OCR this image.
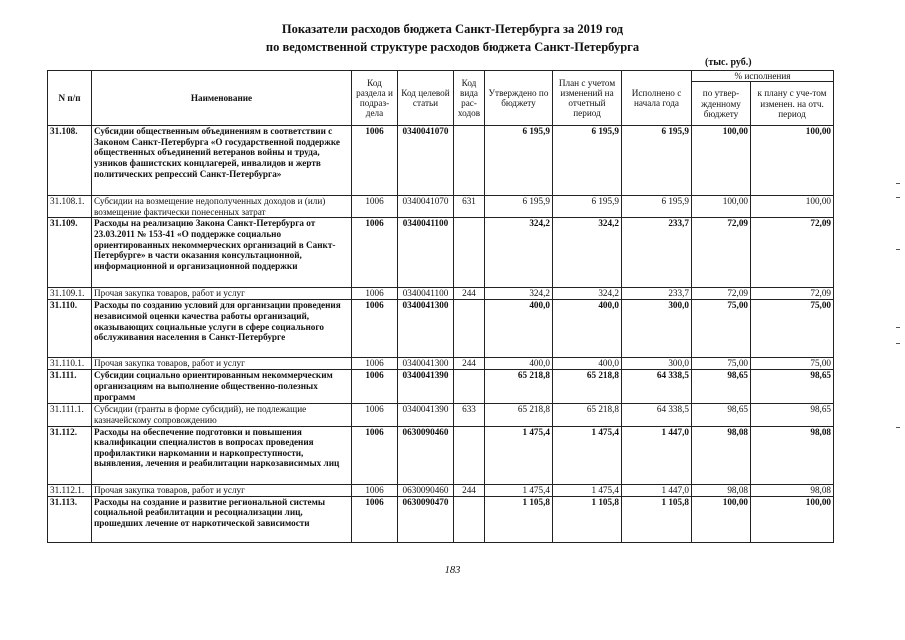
Показатели расходов бюджета Санкт-Петербурга за 2019 год
по ведомственной структуре расходов бюджета Санкт-Петербурга
(тыс. руб.)
N п/п	Наименование	Код раздела и подраз-дела	Код целевой статьи	Код вида рас-ходов	Утверждено по бюджету	План с учетом изменений на отчетный период	Исполнено с начала года	% исполнения	
								по утвер-жденному бюджету	к плану с уче-том изменен. на отч. период
31.108.	Субсидии общественным объединениям в соответствии с Законом Санкт-Петербурга «О государственной поддержке общественных объединений ветеранов войны и труда, узников фашистских концлагерей, инвалидов и жертв политических репрессий Санкт-Петербурга»	1006	0340041070		6 195,9	6 195,9	6 195,9	100,00	100,00
31.108.1.	Субсидии на возмещение недополученных доходов и (или) возмещение фактически понесенных затрат	1006	0340041070	631	6 195,9	6 195,9	6 195,9	100,00	100,00
31.109.	Расходы на реализацию Закона Санкт-Петербурга от 23.03.2011 № 153-41 «О поддержке социально ориентированных некоммерческих организаций в Санкт-Петербурге» в части оказания консультационной, информационной и организационной поддержки	1006	0340041100		324,2	324,2	233,7	72,09	72,09
31.109.1.	Прочая закупка товаров, работ и услуг	1006	0340041100	244	324,2	324,2	233,7	72,09	72,09
31.110.	Расходы по созданию условий для организации проведения независимой оценки качества работы организаций, оказывающих социальные услуги в сфере социального обслуживания населения в Санкт-Петербурге	1006	0340041300		400,0	400,0	300,0	75,00	75,00
31.110.1.	Прочая закупка товаров, работ и услуг	1006	0340041300	244	400,0	400,0	300,0	75,00	75,00
31.111.	Субсидии социально ориентированным некоммерческим организациям на выполнение общественно-полезных программ	1006	0340041390		65 218,8	65 218,8	64 338,5	98,65	98,65
31.111.1.	Субсидии (гранты в форме субсидий), не подлежащие казначейскому сопровождению	1006	0340041390	633	65 218,8	65 218,8	64 338,5	98,65	98,65
31.112.	Расходы на обеспечение подготовки и повышения квалификации специалистов в вопросах проведения профилактики наркомании и наркопреступности, выявления, лечения и реабилитации наркозависимых лиц	1006	0630090460		1 475,4	1 475,4	1 447,0	98,08	98,08
31.112.1.	Прочая закупка товаров, работ и услуг	1006	0630090460	244	1 475,4	1 475,4	1 447,0	98,08	98,08
31.113.	Расходы на создание и развитие региональной системы социальной реабилитации и ресоциализации лиц, прошедших лечение от наркотической зависимости	1006	0630090470		1 105,8	1 105,8	1 105,8	100,00	100,00
183
